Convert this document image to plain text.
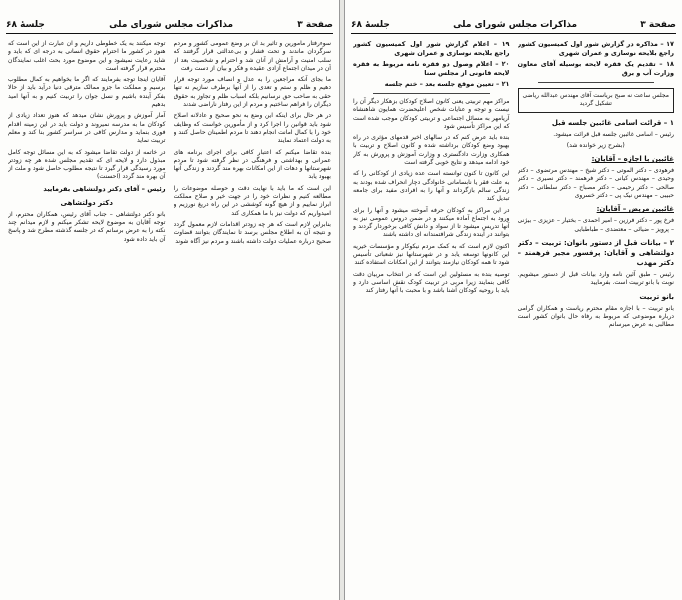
صفحة ۳
مذاکرات مجلس شورای ملی
جلسهٔ ۶۸

سوءرفتار مأمورین و تأثیر بد آن بر وضع عمومی کشور و مردم سرگردان ماندند و تحت فشار و بی‌عدالتی قرار گرفتند که سلب امنیت و آرامش از آنان شد و احترام و شخصیت بعد از آن در میدان اجتماع آزادی عقیده و فکر و بیان از دست رفت

ما بجای آنکه مراجعین را به عدل و انصاف مورد توجه قرار دهیم و ظلم و ستم و تعدی را از آنها برطرف سازیم نه تنها حقی به صاحب حق نرسانیم بلکه اسباب ظلم و تجاوز به حقوق دیگران را فراهم ساختیم و مردم از این رفتار ناراضی شدند

در هر حال برای اینکه این وضع به نحو صحیح و عادلانه اصلاح شود باید قوانین را اجرا کرد و از مأمورین خواست که وظایف خود را با کمال امانت انجام دهند تا مردم اطمینان حاصل کنند و به دولت اعتماد نمایند

بنده تقاضا میکنم که اعتبار کافی برای اجرای برنامه های عمرانی و بهداشتی و فرهنگی در نظر گرفته شود تا مردم شهرستانها و دهات از این امکانات بهره مند گردند و زندگی آنها بهبود یابد

این است که ما باید با نهایت دقت و حوصله موضوعات را مطالعه کنیم و نظرات خود را در جهت خیر و صلاح مملکت ابراز نماییم و از هیچ گونه کوششی در این راه دریغ نورزیم و امیدواریم که دولت نیز با ما همکاری کند

بنابراین لازم است که هر چه زودتر اقدامات لازم معمول گردد و نتیجه آن به اطلاع مجلس برسد تا نمایندگان بتوانند قضاوت صحیح درباره عملیات دولت داشته باشند و مردم نیز آگاه شوند

توجه میکنند به یک خطوطی داریم و آن عبارت از این است که هنوز در کشور ما احترام حقوق انسانی به درجه ای که باید و شاید رعایت نمیشود و این موضوع مورد بحث اغلب نمایندگان محترم قرار گرفته است

آقایان اینجا توجه بفرمایند که اگر ما بخواهیم به کمال مطلوب برسیم و مملکت ما جزو ممالک مترقی دنیا درآید باید از حالا بفکر آینده باشیم و نسل جوان را تربیت کنیم و به آنها امید بدهیم

آمار آموزش و پرورش نشان میدهد که هنوز تعداد زیادی از کودکان ما به مدرسه نمیروند و دولت باید در این زمینه اقدام فوری بنماید و مدارس کافی در سراسر کشور بنا کند و معلم تربیت نماید

در خاتمه از دولت تقاضا میشود که به این مسائل توجه کامل مبذول دارد و لایحه ای که تقدیم مجلس شده هر چه زودتر مورد رسیدگی قرار گیرد تا نتیجه مطلوب حاصل شود و ملت از آن بهره مند گردد (احسنت)

رئیس – آقای دکتر دولتشاهی بفرمایید

دکتر دولتشاهی

بانو دکتر دولتشاهی – جناب آقای رئیس، همکاران محترم، از توجه آقایان به موضوع لایحه تشکر میکنم و لازم میدانم چند نکته را به عرض برسانم که در جلسه گذشته مطرح شد و پاسخ آن باید داده شود

صفحة ۳
مذاکرات مجلس شورای ملی
جلسهٔ ۶۸

۱۷ – مذاکره در گزارش شور اول کمیسیون کشور راجع بلایحه نوسازی و عمران شهری

۱۸ – تقدیم یک فقره لایحه بوسیله آقای معاون وزارت آب و برق

مجلس ساعت نه صبح بریاست آقای مهندس عبدالله ریاضی تشکیل گردید

۱ – قرائت اسامی غائبین جلسه قبل

رئیس – اسامی غائبین جلسه قبل قرائت میشود.

(بشرح زیر خوانده شد)

غائبین با اجازه – آقایان:

فرهودی – دکتر الموتی – دکتر شیخ – مهندس مرتضوی – دکتر وحیدی – مهندس کیانی – دکتر فرهمند – دکتر نصیری – دکتر صالحی – دکتر رحیمی – دکتر مصباح – دکتر سلطانی – دکتر حبیبی – مهندس نیک پی – دکتر خسروی

غائبین مریض – آقایان:

فرخ پور – دکتر فرزین – امیر احمدی – بختیار – عزیزی – بیژنی – پرویز – ضیائی – معتضدی – طباطبایی

۲ – بیانات قبل از دستور بانوان: تربیت – دکتر دولتشاهی و آقایان: پرفسور مجیر فرهمند – دکتر مهذب

رئیس – طبق آئین نامه وارد بیانات قبل از دستور میشویم. نوبت با بانو تربیت است. بفرمایید

بانو تربیت

بانو تربیت – با اجازه مقام محترم ریاست و همکاران گرامی درباره موضوعی که مربوط به رفاه حال بانوان کشور است مطالبی به عرض میرسانم

۱۹ – اعلام گزارش شور اول کمیسیون کشور راجع بلایحه نوسازی و عمران شهری

۲۰ – اعلام وصول دو فقره نامه مربوط به فقره لایحه قانونی از مجلس سنا

۲۱ – تعیین موقع جلسه بعد – ختم جلسه

مراکز مهم تربیتی یعنی کانون اصلاح کودکان بزهکار دیگر آن را نیست و توجه و عنایات شخص اعلیحضرت همایون شاهنشاه آریامهر به مسائل اجتماعی و تربیتی کودکان موجب شده است که این مراکز تأسیس شود

بنده باید عرض کنم که در سالهای اخیر قدمهای مؤثری در راه بهبود وضع کودکان برداشته شده و کانون اصلاح و تربیت با همکاری وزارت دادگستری و وزارت آموزش و پرورش به کار خود ادامه میدهد و نتایج خوبی گرفته است

این کانون تا کنون توانسته است عده زیادی از کودکانی را که به علت فقر یا نابسامانی خانوادگی دچار انحراف شده بودند به زندگی سالم بازگرداند و آنها را به افرادی مفید برای جامعه تبدیل کند

در این مراکز به کودکان حرفه آموخته میشود و آنها را برای ورود به اجتماع آماده میکنند و در ضمن دروس عمومی نیز به آنها تدریس میشود تا از سواد و دانش کافی برخوردار گردند و بتوانند در آینده زندگی شرافتمندانه ای داشته باشند

اکنون لازم است که به کمک مردم نیکوکار و مؤسسات خیریه این کانونها توسعه یابد و در شهرستانها نیز شعباتی تأسیس شود تا همه کودکان نیازمند بتوانند از این امکانات استفاده کنند

توصیه بنده به مسئولین این است که در انتخاب مربیان دقت کافی بنمایند زیرا مربی در تربیت کودک نقش اساسی دارد و باید با روحیه کودکان آشنا باشد و با محبت با آنها رفتار کند
